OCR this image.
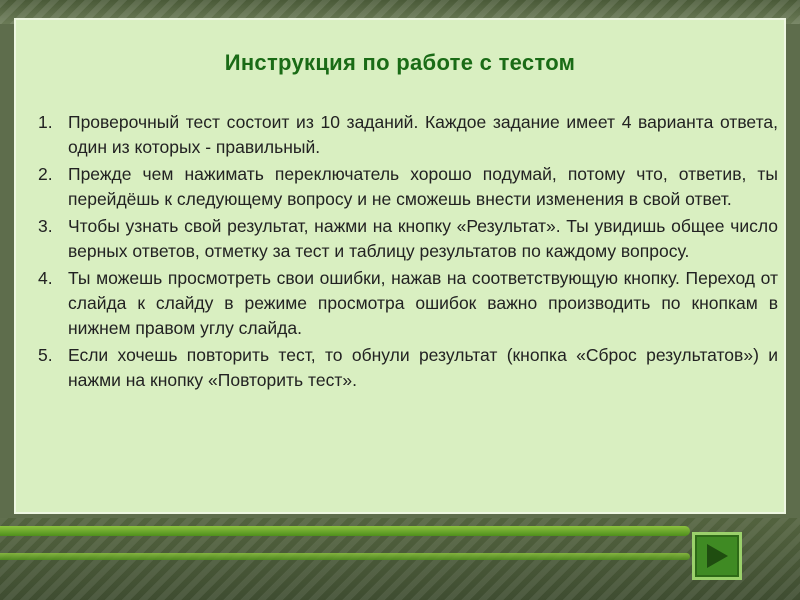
Инструкция по работе с тестом
1. Проверочный тест состоит из 10 заданий. Каждое задание имеет 4 варианта ответа, один из которых - правильный.
2. Прежде чем нажимать переключатель хорошо подумай, потому что, ответив, ты перейдёшь к следующему вопросу и не сможешь внести изменения в свой ответ.
3. Чтобы узнать свой результат, нажми на кнопку «Результат». Ты увидишь общее число верных ответов, отметку за тест и таблицу результатов по каждому вопросу.
4. Ты можешь просмотреть свои ошибки, нажав на соответствующую кнопку. Переход от слайда к слайду в режиме просмотра ошибок важно производить по кнопкам в нижнем правом углу слайда.
5. Если хочешь повторить тест, то обнули результат (кнопка «Сброс результатов») и нажми на кнопку «Повторить тест».
